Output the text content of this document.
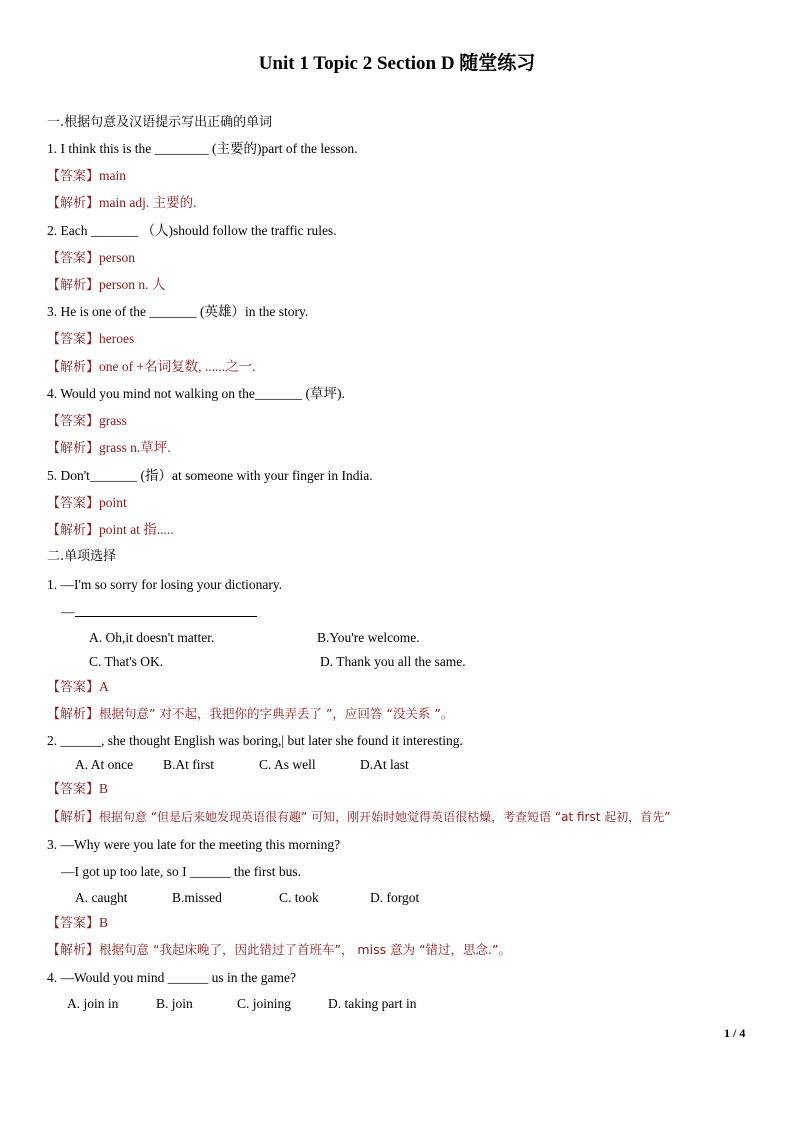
Unit 1 Topic 2 Section D 随堂练习
一.根据句意及汉语提示写出正确的单词
1. I think this is the ________ (主要的)part of the lesson.
【答案】main
【解析】main adj. 主要的.
2. Each _______ （人)should follow the traffic rules.
【答案】person
【解析】person n. 人
3. He is one of the _______ (英雄）in the story.
【答案】heroes
【解析】one of +名词复数, ......之一.
4. Would you mind not walking on the_______ (草坪).
【答案】grass
【解析】grass n.草坪.
5. Don't_______ (指）at someone with your finger in India.
【答案】point
【解析】point at 指.....
二.单项选择
1. —I'm so sorry for losing your dictionary.
—
A. Oh,it doesn't matter.	B.You're welcome.
C. That's OK.	D. Thank you all the same.
【答案】A
【解析】根据句意” 对不起，我把你的字典弄丢了 ”，应回答 “没关系 ”。
2. ______, she thought English was boring,| but later she found it interesting.
A. At once B.At first	C. As well	D.At last
【答案】B
【解析】根据句意 “但是后来她发现英语很有趣” 可知，刚开始时她觉得英语很枯燥，考查短语 “at first 起初，首先”
3. —Why were you late for the meeting this morning?
—I got up too late, so I ______ the first bus.
A. caught	B.missed	C. took	D. forgot
【答案】B
【解析】根据句意 “我起床晚了，因此错过了首班车”， miss 意为 “错过，思念.”。
4. —Would you mind ______ us in the game?
A. join in	B. join	C. joining	D. taking part in
1 / 4
